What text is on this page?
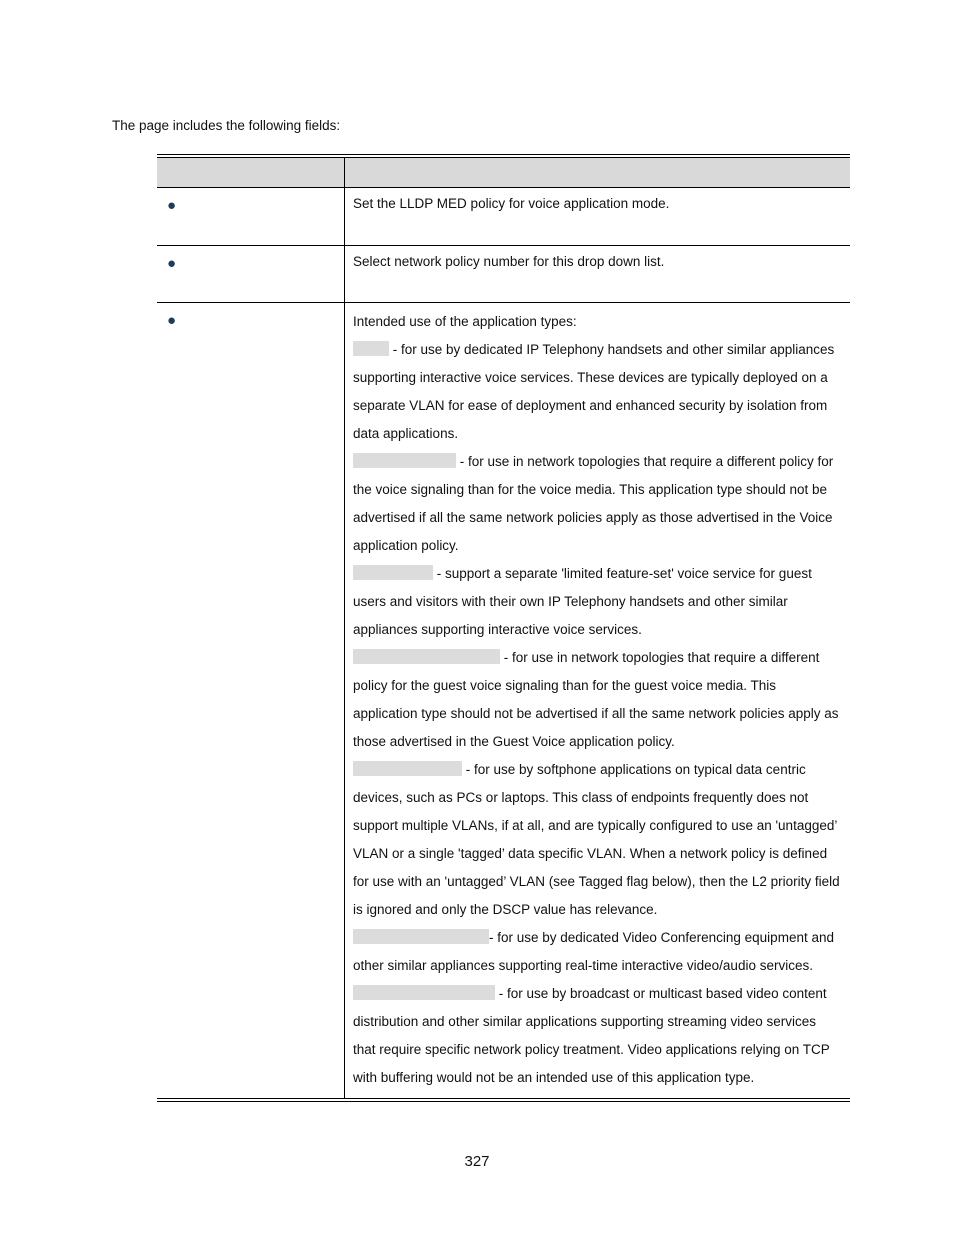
The page includes the following fields:
●	Set the LLDP MED policy for voice application mode.
●	Select network policy number for this drop down list.
●	Intended use of the application types:

- for use by dedicated IP Telephony handsets and other similar appliances supporting interactive voice services. These devices are typically deployed on a separate VLAN for ease of deployment and enhanced security by isolation from data applications.

- for use in network topologies that require a different policy for the voice signaling than for the voice media. This application type should not be advertised if all the same network policies apply as those advertised in the Voice application policy.

- support a separate 'limited feature-set' voice service for guest users and visitors with their own IP Telephony handsets and other similar appliances supporting interactive voice services.

- for use in network topologies that require a different policy for the guest voice signaling than for the guest voice media. This application type should not be advertised if all the same network policies apply as those advertised in the Guest Voice application policy.

- for use by softphone applications on typical data centric devices, such as PCs or laptops. This class of endpoints frequently does not support multiple VLANs, if at all, and are typically configured to use an 'untagged’ VLAN or a single 'tagged’ data specific VLAN. When a network policy is defined for use with an 'untagged’ VLAN (see Tagged flag below), then the L2 priority field is ignored and only the DSCP value has relevance.

- for use by dedicated Video Conferencing equipment and other similar appliances supporting real-time interactive video/audio services.

- for use by broadcast or multicast based video content distribution and other similar applications supporting streaming video services that require specific network policy treatment. Video applications relying on TCP with buffering would not be an intended use of this application type.

327
